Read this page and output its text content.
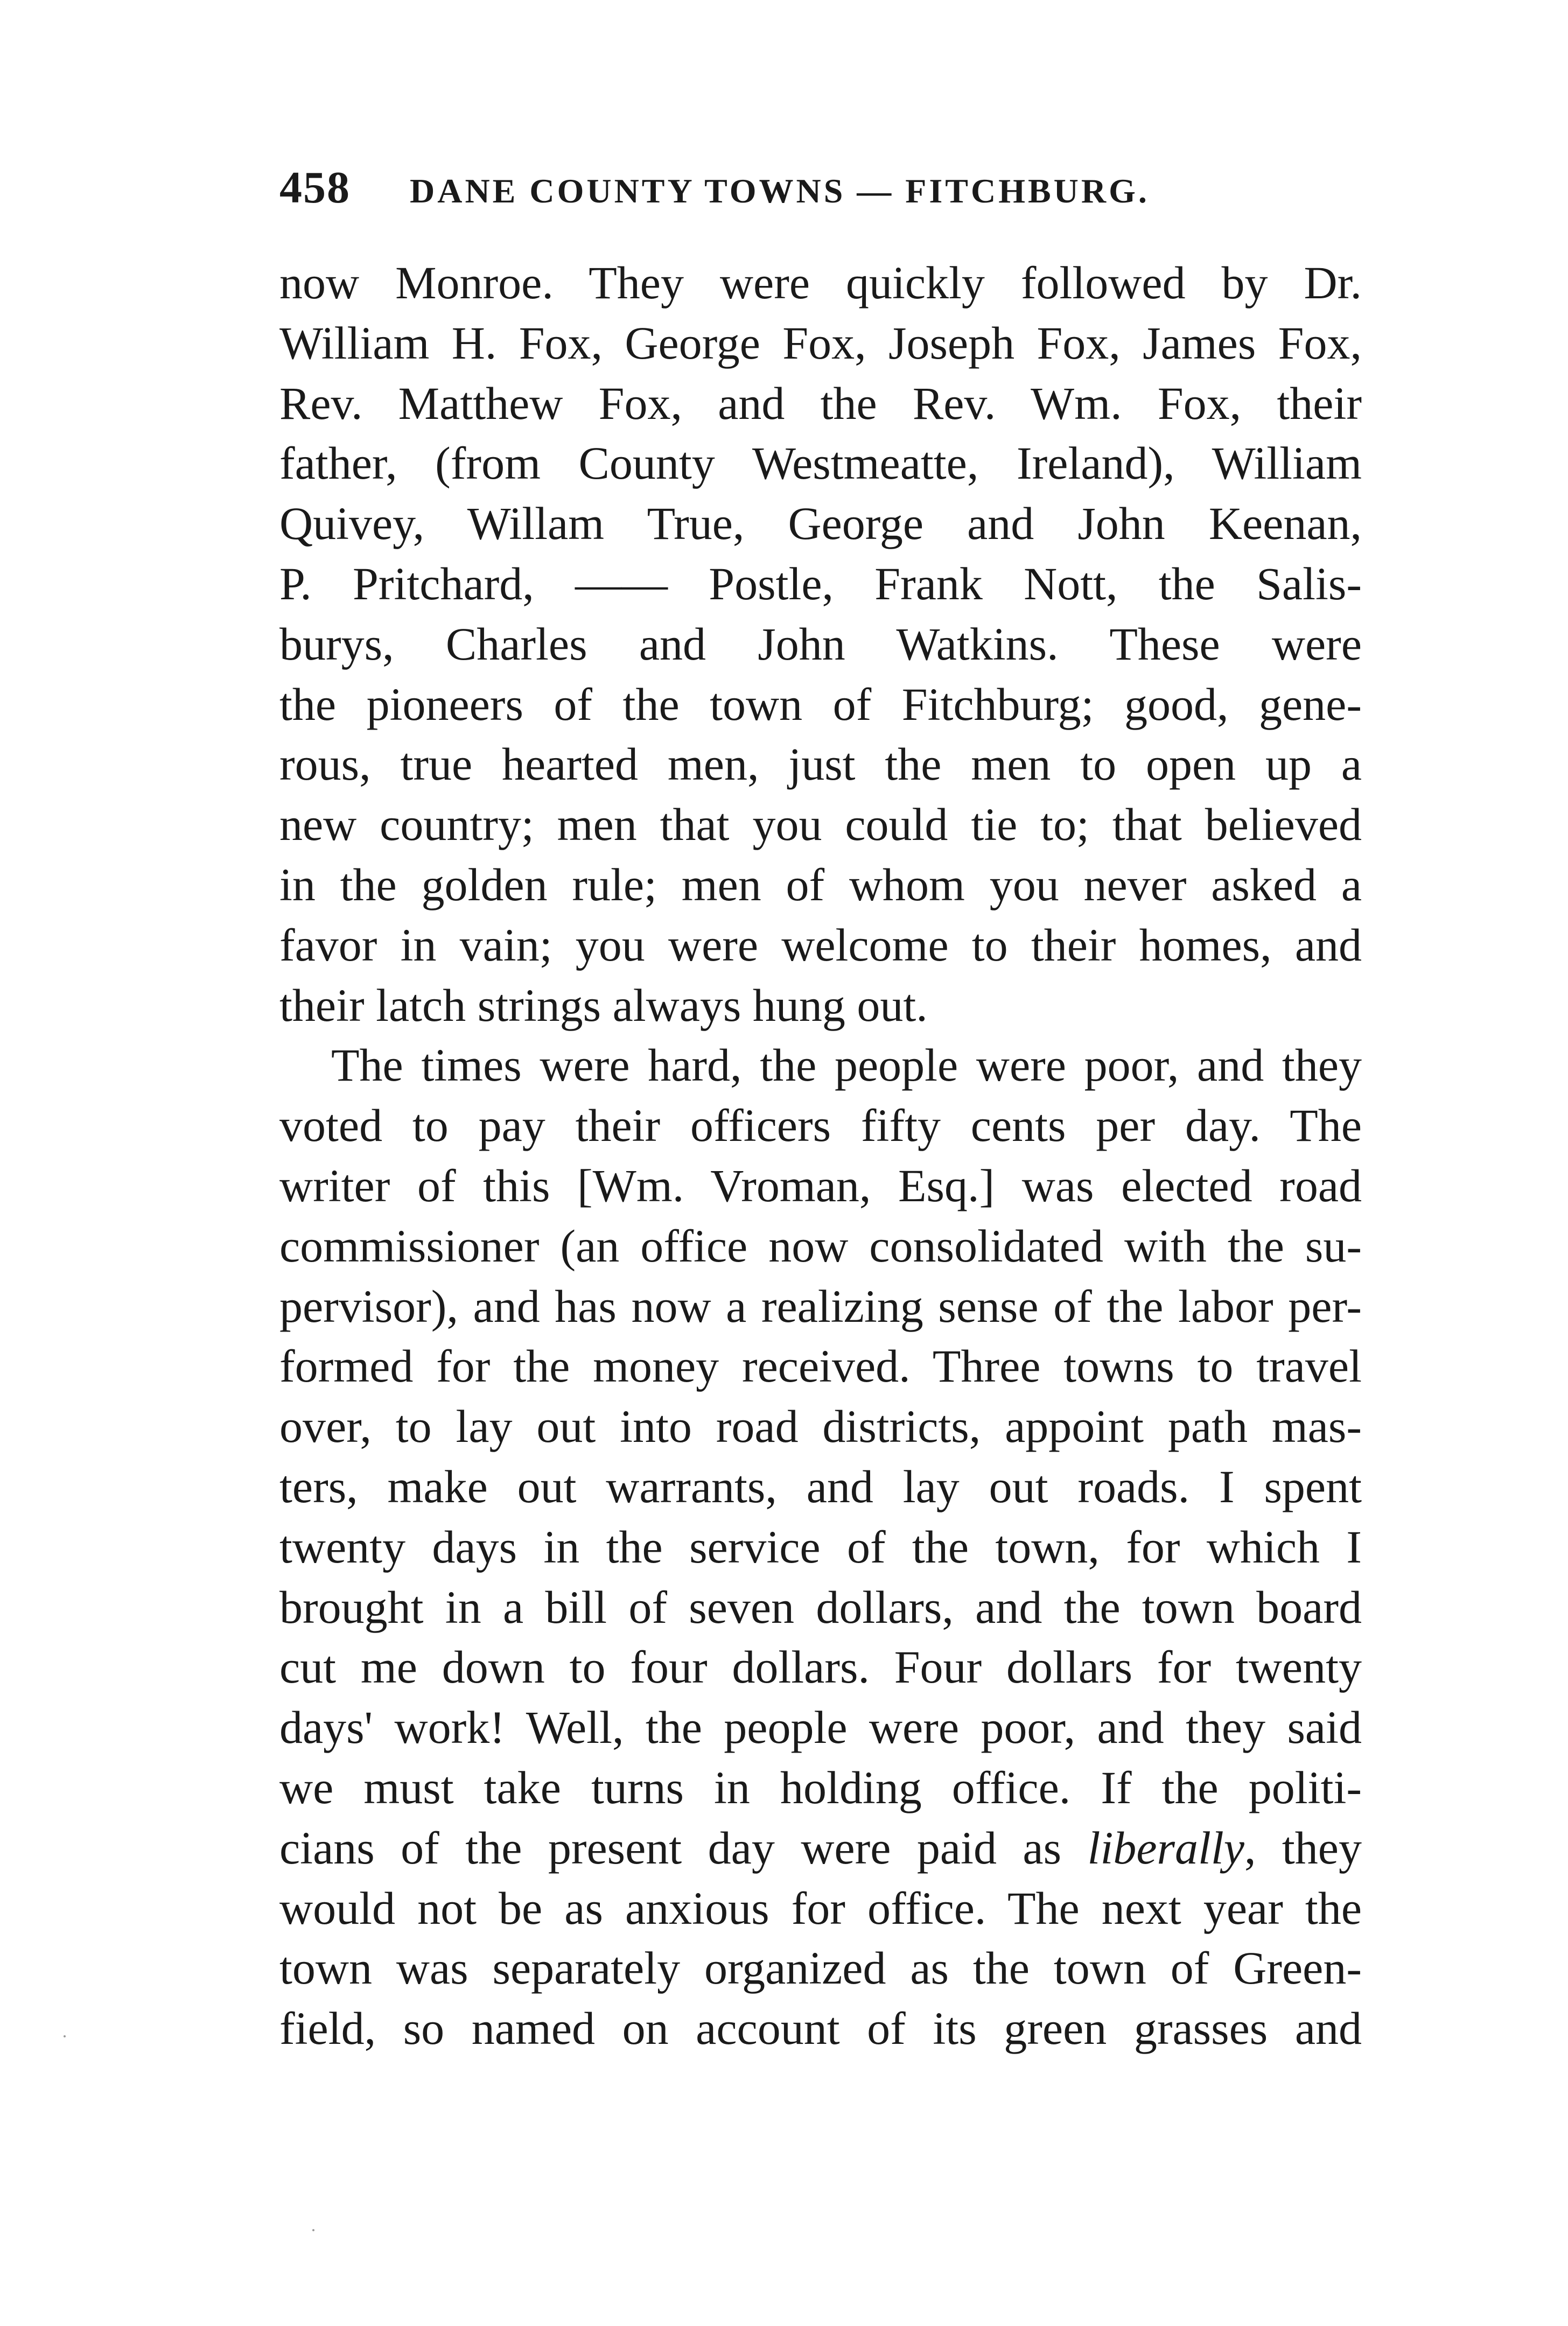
458 DANE COUNTY TOWNS — FITCHBURG.
now Monroe. They were quickly followed by Dr.
William H. Fox, George Fox, Joseph Fox, James Fox,
Rev. Matthew Fox, and the Rev. Wm. Fox, their
father, (from County Westmeatte, Ireland), William
Quivey, Willam True, George and John Keenan,
P. Pritchard, —— Postle, Frank Nott, the Salis-
burys, Charles and John Watkins. These were
the pioneers of the town of Fitchburg; good, gene-
rous, true hearted men, just the men to open up a
new country; men that you could tie to; that believed
in the golden rule; men of whom you never asked a
favor in vain; you were welcome to their homes, and
their latch strings always hung out.
The times were hard, the people were poor, and they
voted to pay their officers fifty cents per day. The
writer of this [Wm. Vroman, Esq.] was elected road
commissioner (an office now consolidated with the su-
pervisor), and has now a realizing sense of the labor per-
formed for the money received. Three towns to travel
over, to lay out into road districts, appoint path mas-
ters, make out warrants, and lay out roads. I spent
twenty days in the service of the town, for which I
brought in a bill of seven dollars, and the town board
cut me down to four dollars. Four dollars for twenty
days' work! Well, the people were poor, and they said
we must take turns in holding office. If the politi-
cians of the present day were paid as liberally, they
would not be as anxious for office. The next year the
town was separately organized as the town of Green-
field, so named on account of its green grasses and
